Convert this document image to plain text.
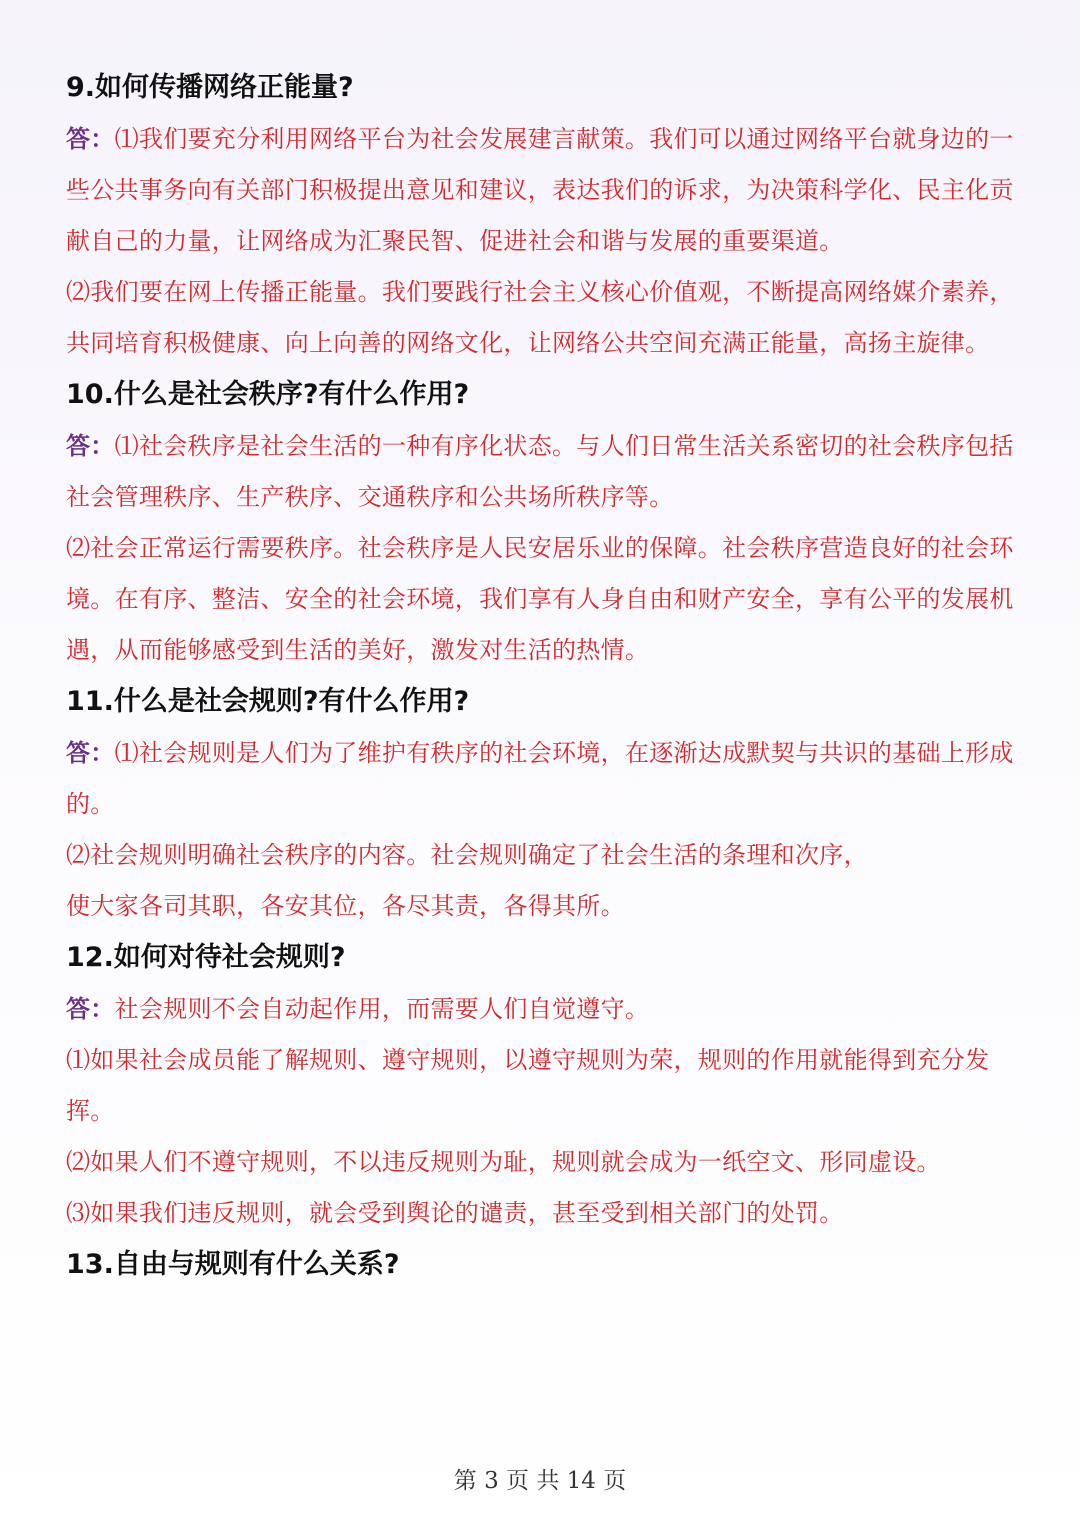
9.如何传播网络正能量?
答：⑴我们要充分利用网络平台为社会发展建言献策。我们可以通过网络平台就身边的一些公共事务向有关部门积极提出意见和建议，表达我们的诉求，为决策科学化、民主化贡献自己的力量，让网络成为汇聚民智、促进社会和谐与发展的重要渠道。
⑵我们要在网上传播正能量。我们要践行社会主义核心价值观，不断提高网络媒介素养，共同培育积极健康、向上向善的网络文化，让网络公共空间充满正能量，高扬主旋律。
10.什么是社会秩序?有什么作用?
答：⑴社会秩序是社会生活的一种有序化状态。与人们日常生活关系密切的社会秩序包括社会管理秩序、生产秩序、交通秩序和公共场所秩序等。
⑵社会正常运行需要秩序。社会秩序是人民安居乐业的保障。社会秩序营造良好的社会环境。在有序、整洁、安全的社会环境，我们享有人身自由和财产安全，享有公平的发展机遇，从而能够感受到生活的美好，激发对生活的热情。
11.什么是社会规则?有什么作用?
答：⑴社会规则是人们为了维护有秩序的社会环境，在逐渐达成默契与共识的基础上形成的。
⑵社会规则明确社会秩序的内容。社会规则确定了社会生活的条理和次序，
使大家各司其职，各安其位，各尽其责，各得其所。
12.如何对待社会规则?
答：社会规则不会自动起作用，而需要人们自觉遵守。
⑴如果社会成员能了解规则、遵守规则，以遵守规则为荣，规则的作用就能得到充分发挥。
⑵如果人们不遵守规则，不以违反规则为耻，规则就会成为一纸空文、形同虚设。
⑶如果我们违反规则，就会受到舆论的谴责，甚至受到相关部门的处罚。
13.自由与规则有什么关系?
第 3 页 共 14 页
